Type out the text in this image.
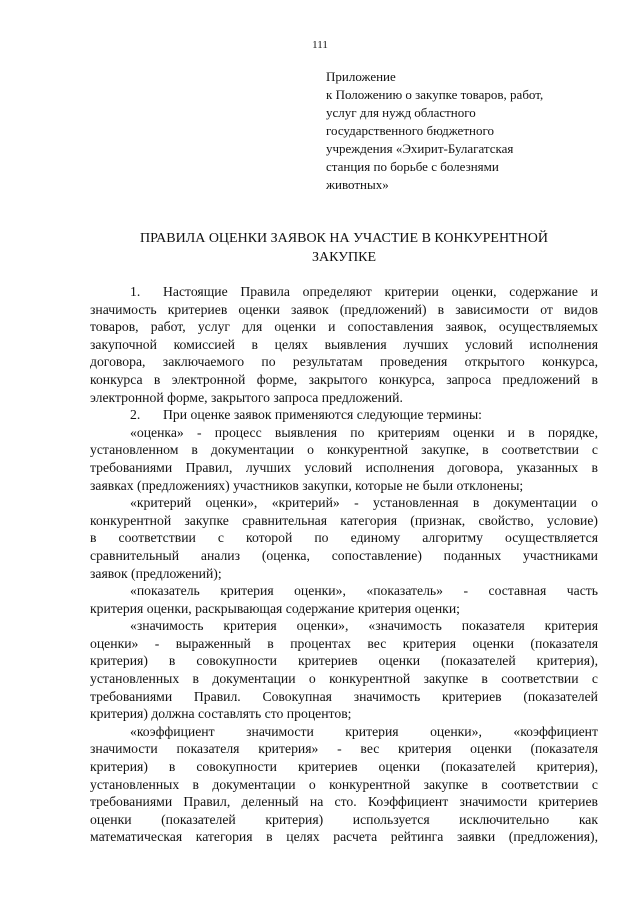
111
Приложение
к Положению о закупке товаров, работ,
услуг для нужд областного
государственного бюджетного
учреждения «Эхирит-Булагатская
станция по борьбе с болезнями
животных»
ПРАВИЛА ОЦЕНКИ ЗАЯВОК НА УЧАСТИЕ В КОНКУРЕНТНОЙ
ЗАКУПКЕ
1. Настоящие Правила определяют критерии оценки, содержание и
значимость критериев оценки заявок (предложений) в зависимости от видов
товаров, работ, услуг для оценки и сопоставления заявок, осуществляемых
закупочной комиссией в целях выявления лучших условий исполнения
договора, заключаемого по результатам проведения открытого конкурса,
конкурса в электронной форме, закрытого конкурса, запроса предложений в
электронной форме, закрытого запроса предложений.
2. При оценке заявок применяются следующие термины:
«оценка» - процесс выявления по критериям оценки и в порядке,
установленном в документации о конкурентной закупке, в соответствии с
требованиями Правил, лучших условий исполнения договора, указанных в
заявках (предложениях) участников закупки, которые не были отклонены;
«критерий оценки», «критерий» - установленная в документации о
конкурентной закупке сравнительная категория (признак, свойство, условие)
в соответствии с которой по единому алгоритму осуществляется
сравнительный анализ (оценка, сопоставление) поданных участниками
заявок (предложений);
«показатель критерия оценки», «показатель» - составная часть
критерия оценки, раскрывающая содержание критерия оценки;
«значимость критерия оценки», «значимость показателя критерия
оценки» - выраженный в процентах вес критерия оценки (показателя
критерия) в совокупности критериев оценки (показателей критерия),
установленных в документации о конкурентной закупке в соответствии с
требованиями Правил. Совокупная значимость критериев (показателей
критерия) должна составлять сто процентов;
«коэффициент значимости критерия оценки», «коэффициент
значимости показателя критерия» - вес критерия оценки (показателя
критерия) в совокупности критериев оценки (показателей критерия),
установленных в документации о конкурентной закупке в соответствии с
требованиями Правил, деленный на сто. Коэффициент значимости критериев
оценки (показателей критерия) используется исключительно как
математическая категория в целях расчета рейтинга заявки (предложения),
